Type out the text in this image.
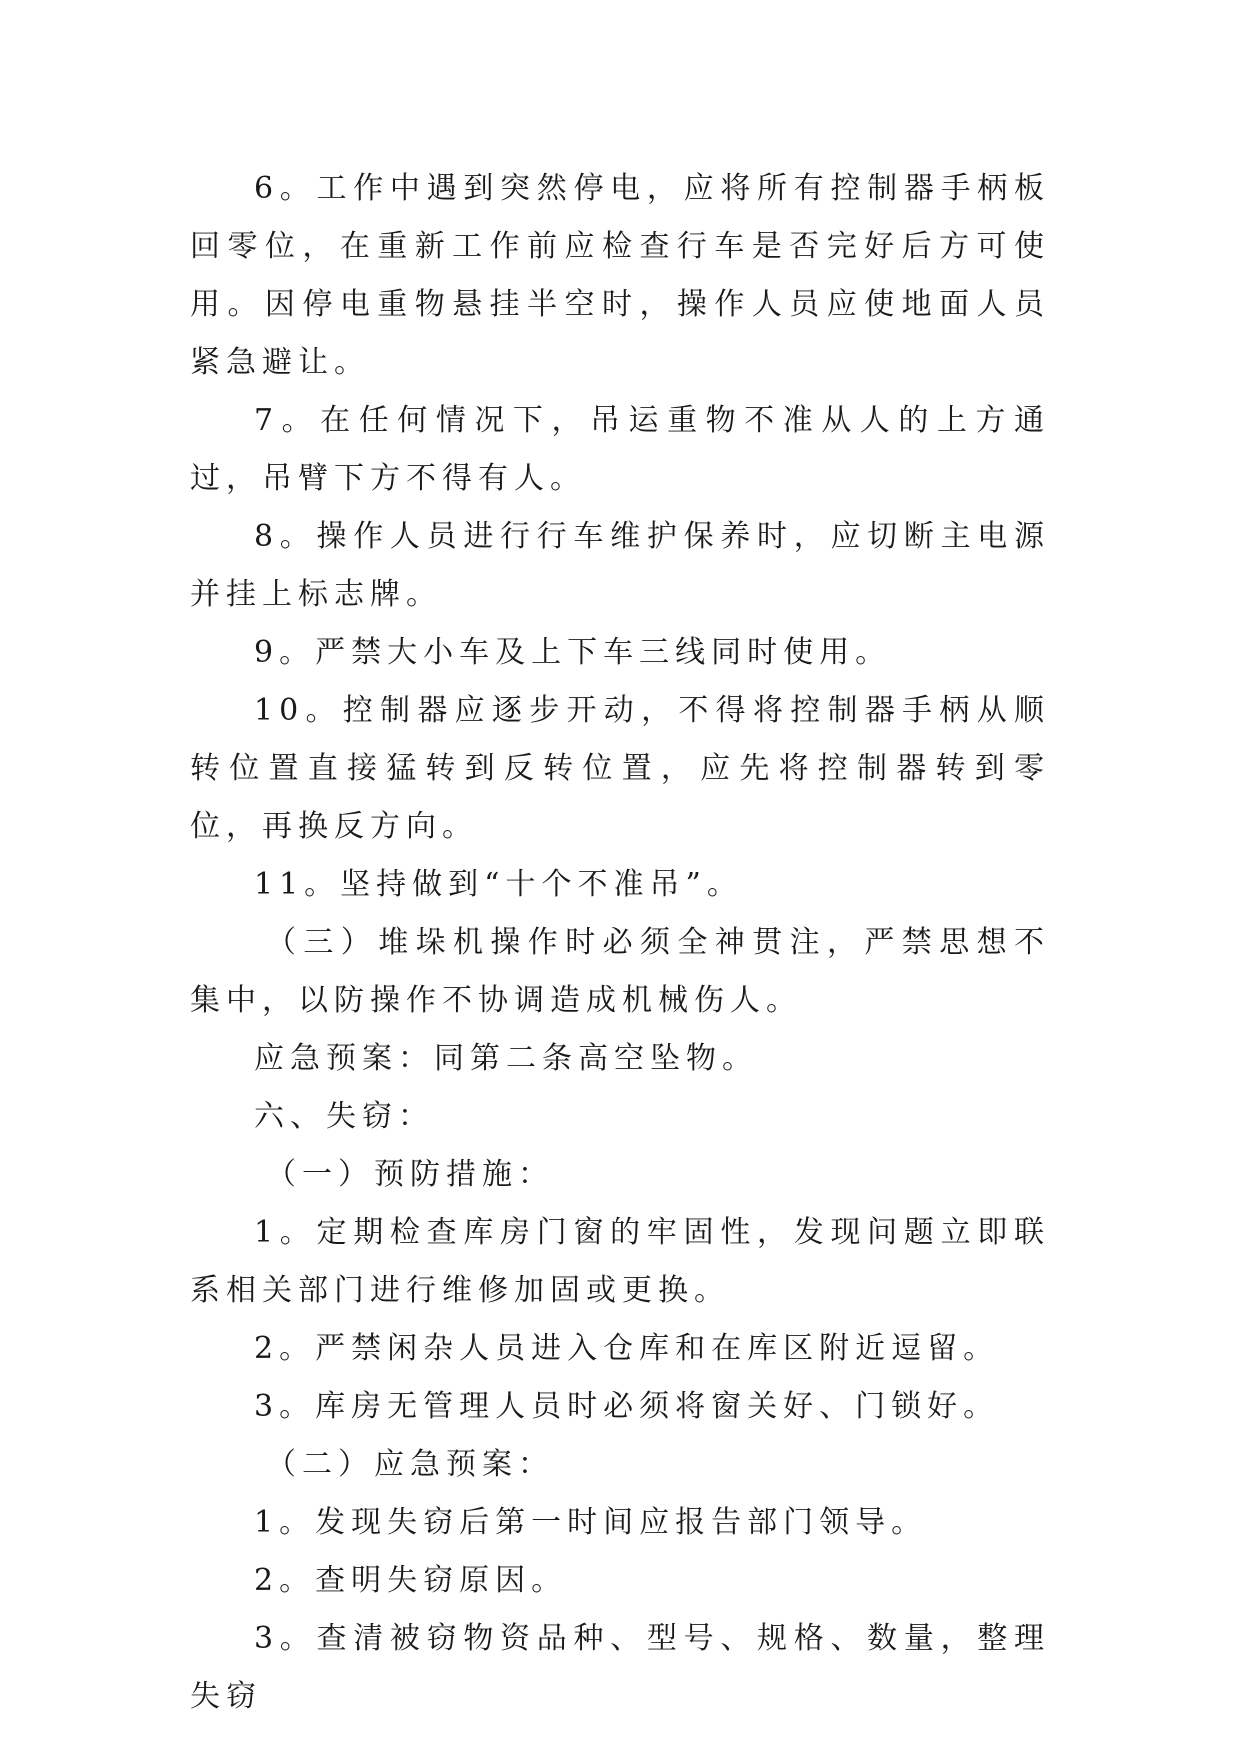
6。工作中遇到突然停电，应将所有控制器手柄板回零位，在重新工作前应检查行车是否完好后方可使用。因停电重物悬挂半空时，操作人员应使地面人员紧急避让。

7。在任何情况下，吊运重物不准从人的上方通过，吊臂下方不得有人。

8。操作人员进行行车维护保养时，应切断主电源并挂上标志牌。

9。严禁大小车及上下车三线同时使用。

10。控制器应逐步开动，不得将控制器手柄从顺转位置直接猛转到反转位置，应先将控制器转到零位，再换反方向。

11。坚持做到“十个不准吊”。

（三）堆垛机操作时必须全神贯注，严禁思想不集中，以防操作不协调造成机械伤人。

应急预案：同第二条高空坠物。

六、失窃：

（一）预防措施：

1。定期检查库房门窗的牢固性，发现问题立即联系相关部门进行维修加固或更换。

2。严禁闲杂人员进入仓库和在库区附近逗留。

3。库房无管理人员时必须将窗关好、门锁好。

（二）应急预案：

1。发现失窃后第一时间应报告部门领导。

2。查明失窃原因。

3。查清被窃物资品种、型号、规格、数量，整理失窃
